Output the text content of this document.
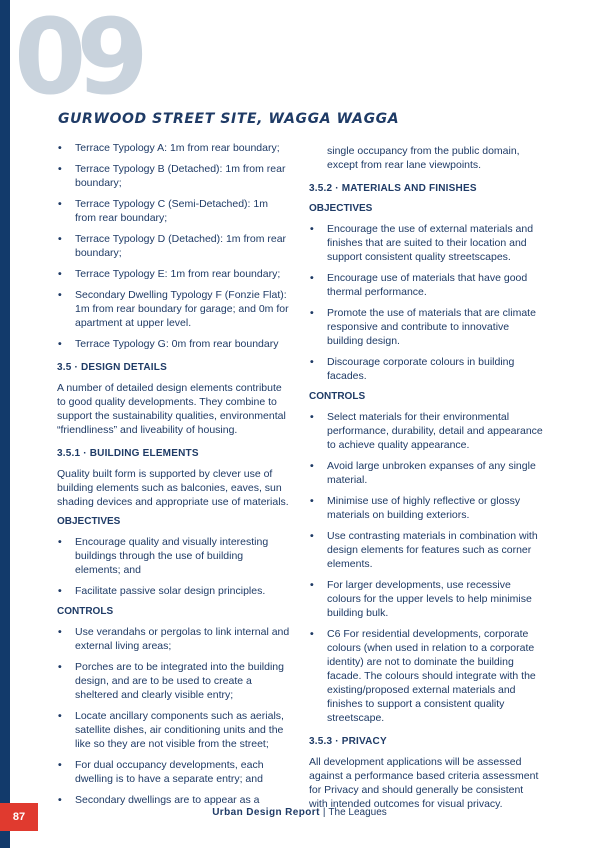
09
GURWOOD STREET SITE, WAGGA WAGGA
• Terrace Typology A: 1m from rear boundary;
• Terrace Typology B (Detached): 1m from rear boundary;
• Terrace Typology C (Semi-Detached): 1m from rear boundary;
• Terrace Typology D (Detached): 1m from rear boundary;
• Terrace Typology E: 1m from rear boundary;
• Secondary Dwelling Typology F (Fonzie Flat): 1m from rear boundary for garage; and 0m for apartment at upper level.
• Terrace Typology G: 0m from rear boundary
3.5 · DESIGN DETAILS

A number of detailed design elements contribute to good quality developments. They combine to support the sustainability qualities, environmental “friendliness” and liveability of housing.

3.5.1 · BUILDING ELEMENTS

Quality built form is supported by clever use of building elements such as balconies, eaves, sun shading devices and appropriate use of materials.

OBJECTIVES
• Encourage quality and visually interesting buildings through the use of building elements; and
• Facilitate passive solar design principles.
CONTROLS
• Use verandahs or pergolas to link internal and external living areas;
• Porches are to be integrated into the building design, and are to be used to create a sheltered and clearly visible entry;
• Locate ancillary components such as aerials, satellite dishes, air conditioning units and the like so they are not visible from the street;
• For dual occupancy developments, each dwelling is to have a separate entry; and
• Secondary dwellings are to appear as a
single occupancy from the public domain, except from rear lane viewpoints.
3.5.2 · MATERIALS AND FINISHES
OBJECTIVES
• Encourage the use of external materials and finishes that are suited to their location and support consistent quality streetscapes.
• Encourage use of materials that have good thermal performance.
• Promote the use of materials that are climate responsive and contribute to innovative building design.
• Discourage corporate colours in building facades.
CONTROLS
• Select materials for their environmental performance, durability, detail and appearance to achieve quality appearance.
• Avoid large unbroken expanses of any single material.
• Minimise use of highly reflective or glossy materials on building exteriors.
• Use contrasting materials in combination with design elements for features such as corner elements.
• For larger developments, use recessive colours for the upper levels to help minimise building bulk.
• C6 For residential developments, corporate colours (when used in relation to a corporate identity) are not to dominate the building facade. The colours should integrate with the existing/proposed external materials and finishes to support a consistent quality streetscape.
3.5.3 · PRIVACY

All development applications will be assessed against a performance based criteria assessment for Privacy and should generally be consistent with intended outcomes for visual privacy.

Urban Design Report | The Leagues
87
